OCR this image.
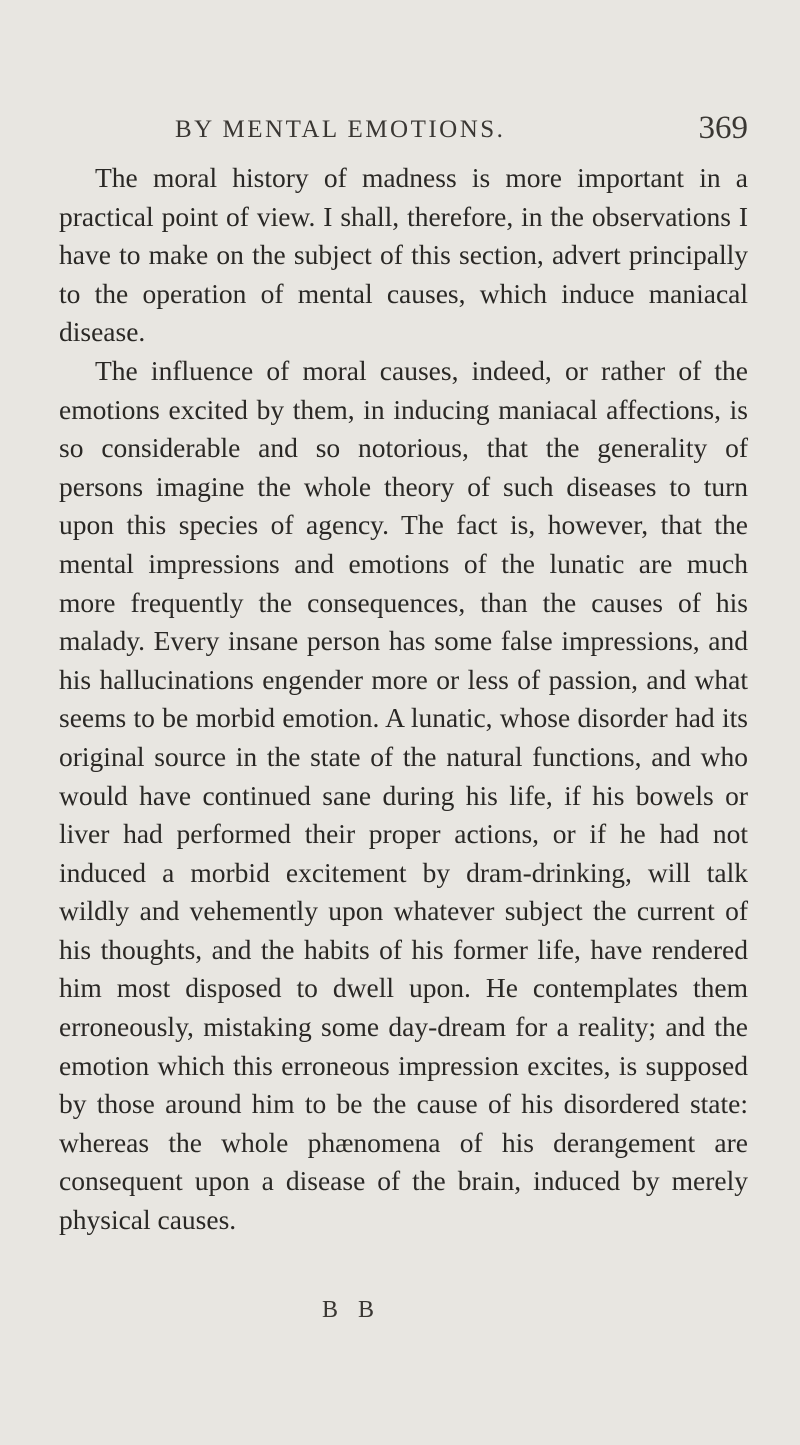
BY MENTAL EMOTIONS.	369

The moral history of madness is more important in a practical point of view. I shall, therefore, in the observations I have to make on the subject of this section, advert principally to the operation of mental causes, which induce maniacal disease.

The influence of moral causes, indeed, or rather of the emotions excited by them, in inducing maniacal affections, is so considerable and so notorious, that the generality of persons imagine the whole theory of such diseases to turn upon this species of agency. The fact is, however, that the mental impressions and emotions of the lunatic are much more frequently the consequences, than the causes of his malady. Every insane person has some false impressions, and his hallucinations engender more or less of passion, and what seems to be morbid emotion. A lunatic, whose disorder had its original source in the state of the natural functions, and who would have continued sane during his life, if his bowels or liver had performed their proper actions, or if he had not induced a morbid excitement by dram-drinking, will talk wildly and vehemently upon whatever subject the current of his thoughts, and the habits of his former life, have rendered him most disposed to dwell upon. He contemplates them erroneously, mistaking some day-dream for a reality; and the emotion which this erroneous impression excites, is supposed by those around him to be the cause of his disordered state: whereas the whole phænomena of his derangement are consequent upon a disease of the brain, induced by merely physical causes.

B B
